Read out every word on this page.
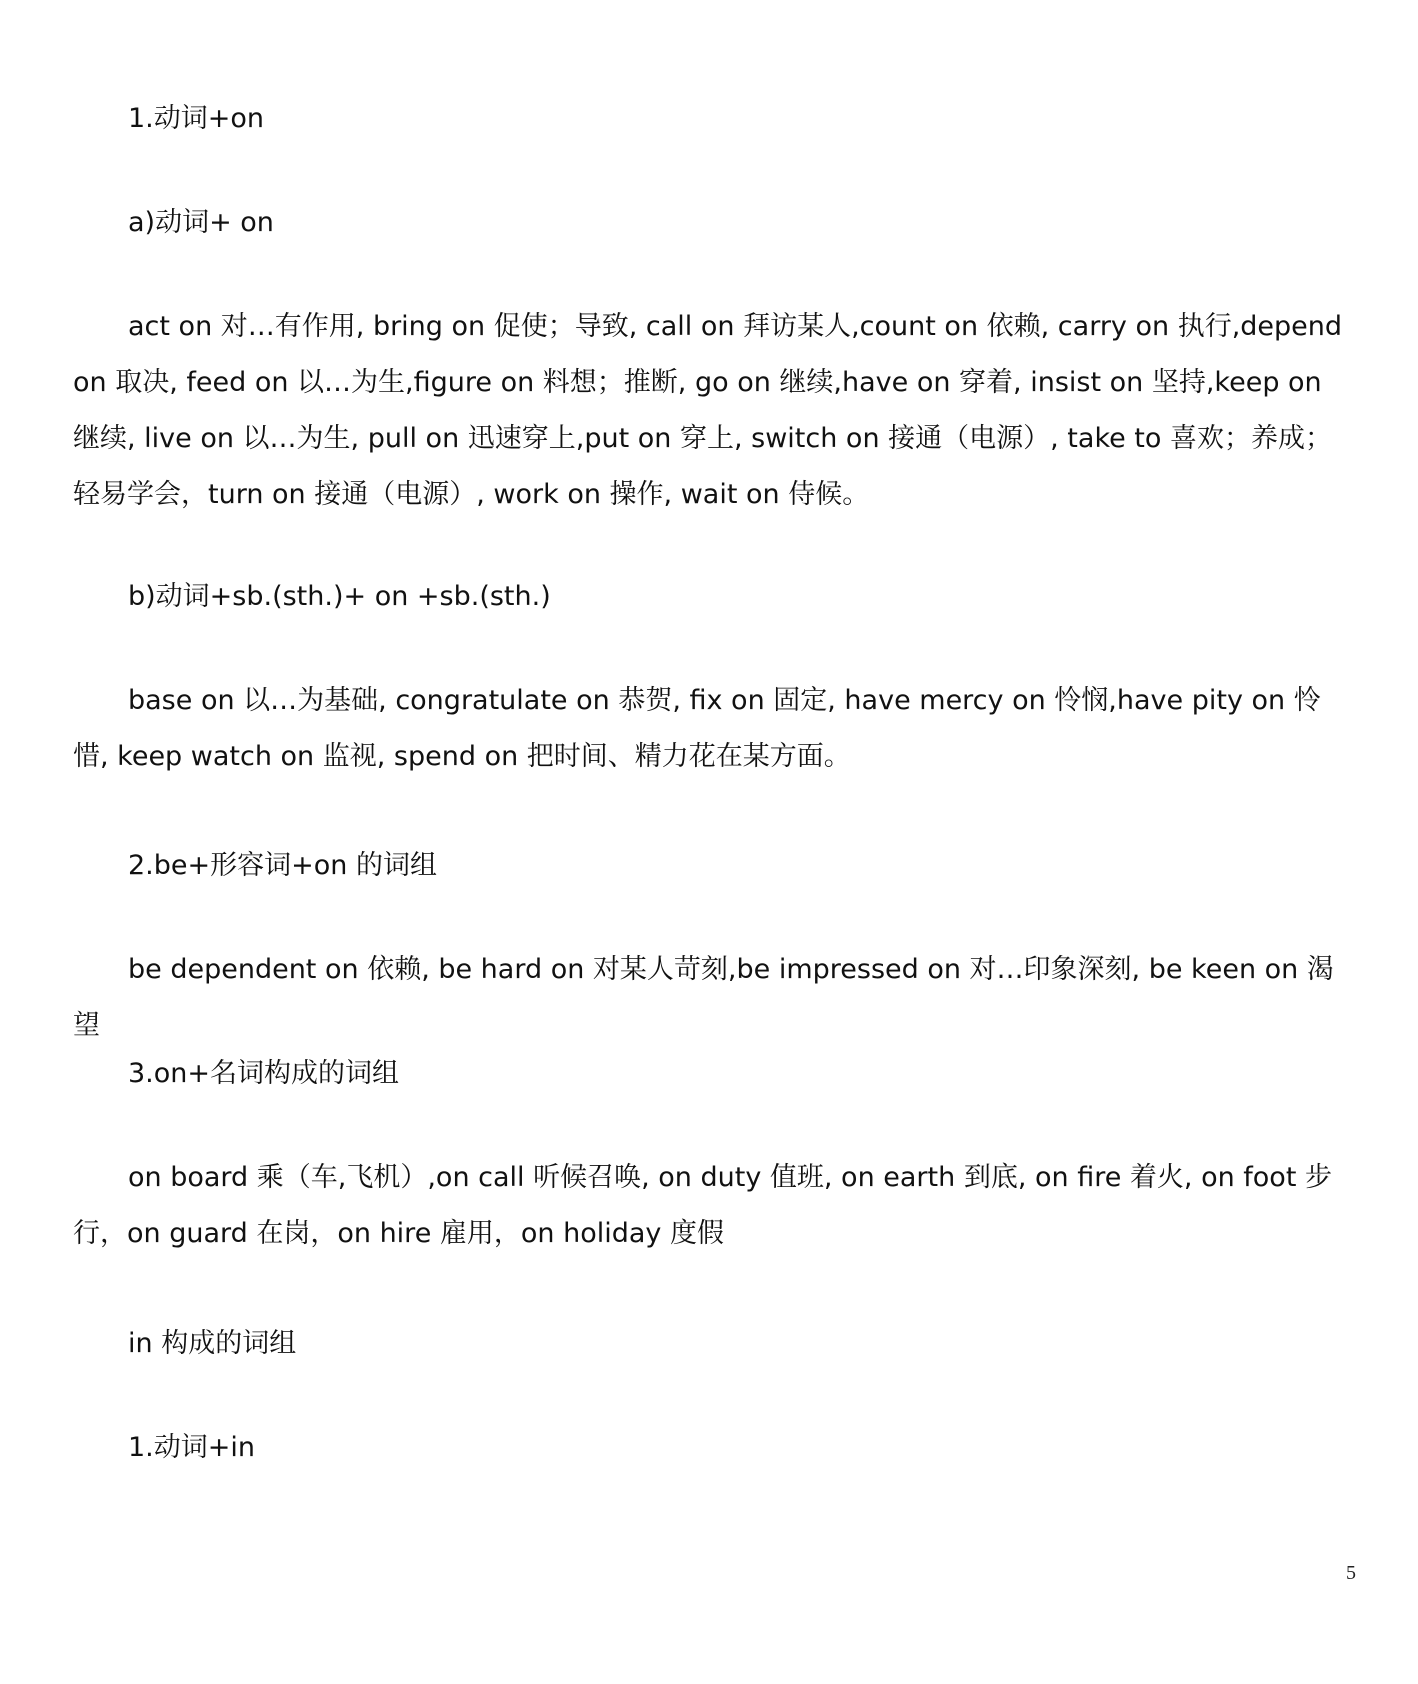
1.动词+on

a)动词+ on

act on 对…有作用, bring on 促使；导致, call on 拜访某人,count on 依赖, carry on 执行,depend on 取决, feed on 以…为生,figure on 料想；推断, go on 继续,have on 穿着, insist on 坚持,keep on 继续, live on 以…为生, pull on 迅速穿上,put on 穿上, switch on 接通（电源）, take to 喜欢；养成；轻易学会，turn on 接通（电源）, work on 操作, wait on 侍候。

b)动词+sb.(sth.)+ on +sb.(sth.)

base on 以…为基础, congratulate on 恭贺, fix on 固定, have mercy on 怜悯,have pity on 怜惜, keep watch on 监视, spend on 把时间、精力花在某方面。

2.be+形容词+on 的词组

be dependent on 依赖, be hard on 对某人苛刻,be impressed on 对…印象深刻, be keen on 渴望

3.on+名词构成的词组

on board 乘（车,飞机）,on call 听候召唤, on duty 值班, on earth 到底, on fire 着火, on foot 步行，on guard 在岗，on hire 雇用，on holiday 度假

in 构成的词组

1.动词+in

5
